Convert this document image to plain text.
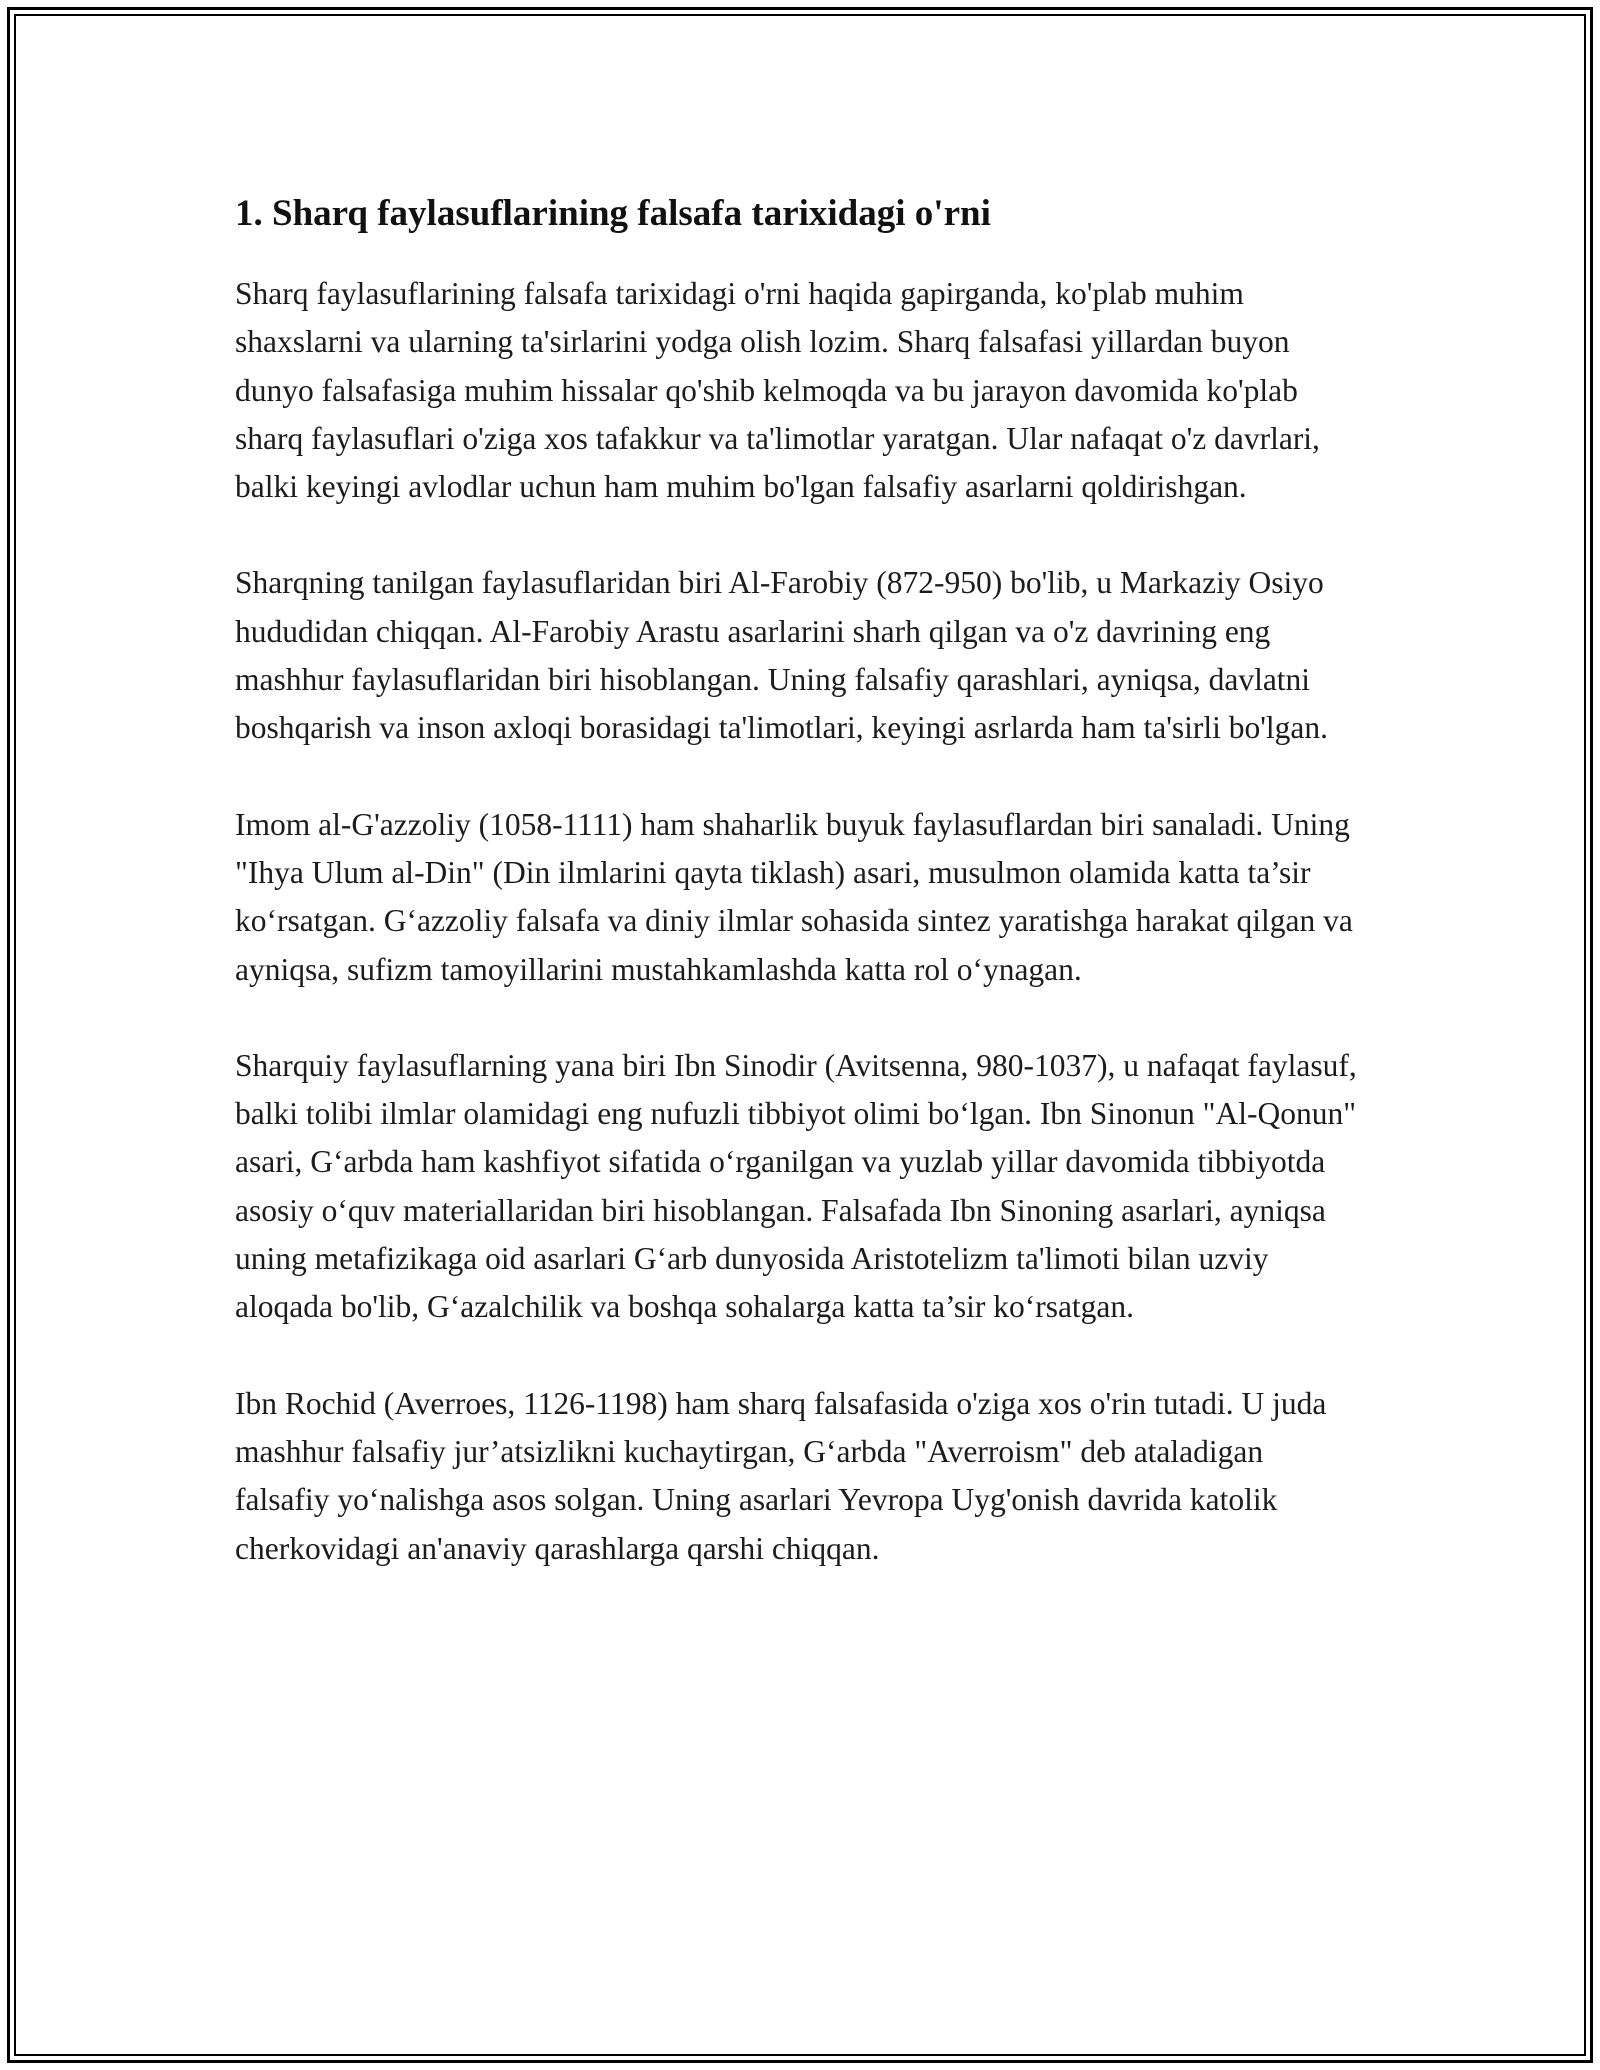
1. Sharq faylasuflarining falsafa tarixidagi o'rni

Sharq faylasuflarining falsafa tarixidagi o'rni haqida gapirganda, ko'plab muhim shaxslarni va ularning ta'sirlarini yodga olish lozim. Sharq falsafasi yillardan buyon dunyo falsafasiga muhim hissalar qo'shib kelmoqda va bu jarayon davomida ko'plab sharq faylasuflari o'ziga xos tafakkur va ta'limotlar yaratgan. Ular nafaqat o'z davrlari, balki keyingi avlodlar uchun ham muhim bo'lgan falsafiy asarlarni qoldirishgan.

Sharqning tanilgan faylasuflaridan biri Al-Farobiy (872-950) bo'lib, u Markaziy Osiyo hududidan chiqqan. Al-Farobiy Arastu asarlarini sharh qilgan va o'z davrining eng mashhur faylasuflaridan biri hisoblangan. Uning falsafiy qarashlari, ayniqsa, davlatni boshqarish va inson axloqi borasidagi ta'limotlari, keyingi asrlarda ham ta'sirli bo'lgan.

Imom al-G'azzoliy (1058-1111) ham shaharlik buyuk faylasuflardan biri sanaladi. Uning "Ihya Ulum al-Din" (Din ilmlarini qayta tiklash) asari, musulmon olamida katta ta’sir ko‘rsatgan. G‘azzoliy falsafa va diniy ilmlar sohasida sintez yaratishga harakat qilgan va ayniqsa, sufizm tamoyillarini mustahkamlashda katta rol o‘ynagan.

Sharquiy faylasuflarning yana biri Ibn Sinodir (Avitsenna, 980-1037), u nafaqat faylasuf, balki tolibi ilmlar olamidagi eng nufuzli tibbiyot olimi bo‘lgan. Ibn Sinonun "Al-Qonun" asari, G‘arbda ham kashfiyot sifatida o‘rganilgan va yuzlab yillar davomida tibbiyotda asosiy o‘quv materiallaridan biri hisoblangan. Falsafada Ibn Sinoning asarlari, ayniqsa uning metafizikaga oid asarlari G‘arb dunyosida Aristotelizm ta'limoti bilan uzviy aloqada bo'lib, G‘azalchilik va boshqa sohalarga katta ta’sir ko‘rsatgan.

Ibn Rochid (Averroes, 1126-1198) ham sharq falsafasida o'ziga xos o'rin tutadi. U juda mashhur falsafiy jur’atsizlikni kuchaytirgan, G‘arbda "Averroism" deb ataladigan falsafiy yo‘nalishga asos solgan. Uning asarlari Yevropa Uyg'onish davrida katolik cherkovidagi an'anaviy qarashlarga qarshi chiqqan.
